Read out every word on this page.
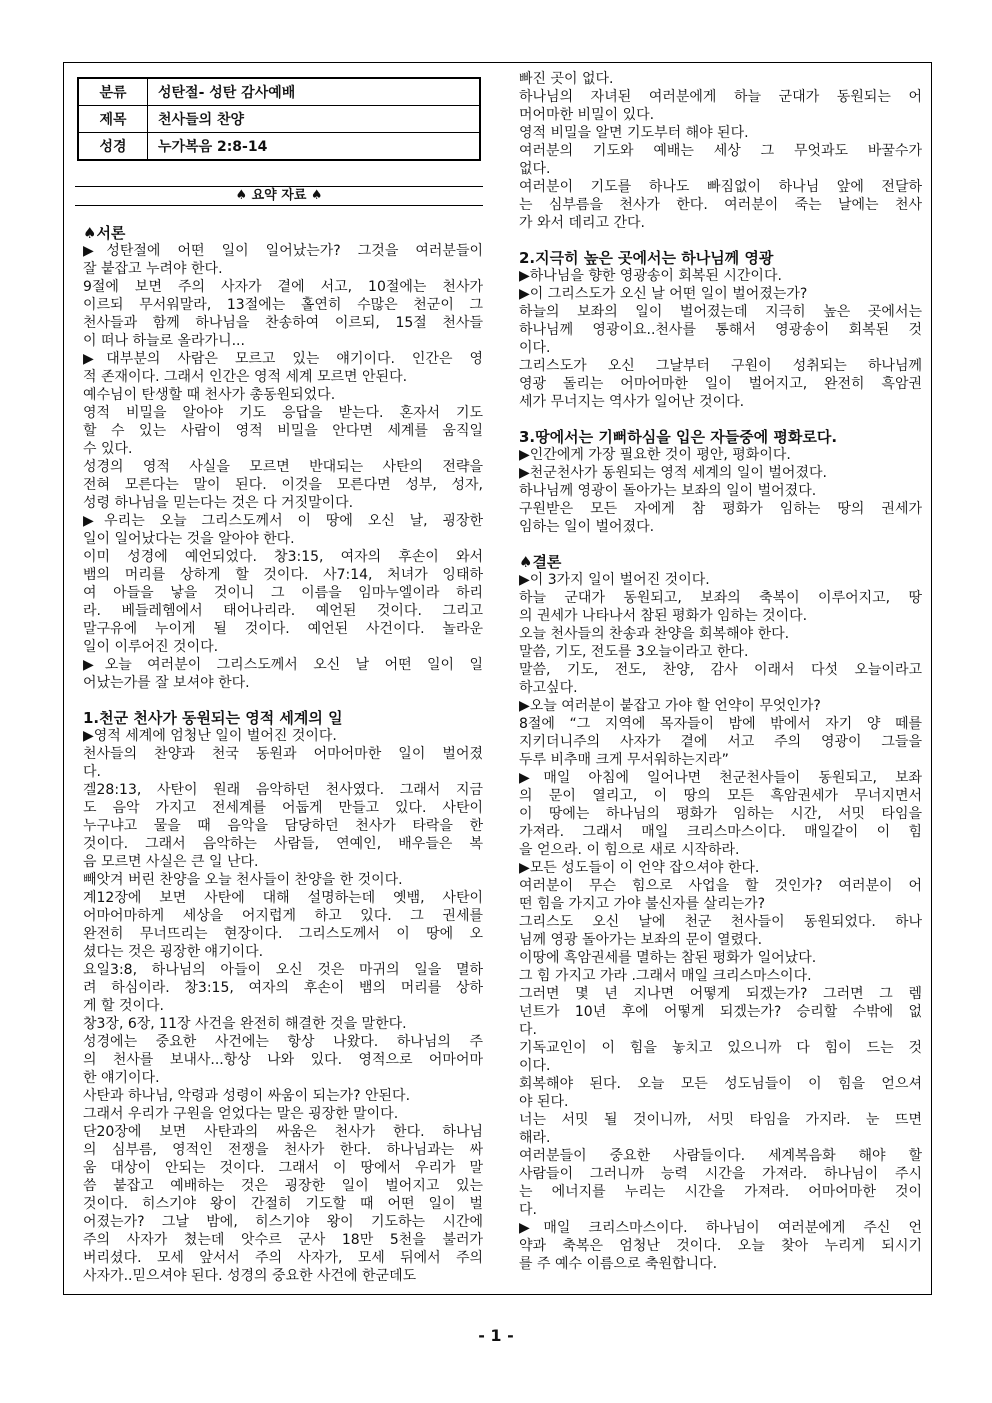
분류	성탄절- 성탄 감사예배
제목	천사들의 찬양
성경	누가복음 2:8-14
♠ 요약 자료 ♠
♠서론
▶성탄절에 어떤 일이 일어났는가? 그것을 여러분들이
잘 붙잡고 누려야 한다.
9절에 보면 주의 사자가 곁에 서고, 10절에는 천사가
이르되 무서워말라, 13절에는 홀연히 수많은 천군이 그
천사들과 함께 하나님을 찬송하여 이르되, 15절 천사들
이 떠나 하늘로 올라가니...
▶대부분의 사람은 모르고 있는 얘기이다. 인간은 영
적 존재이다. 그래서 인간은 영적 세계 모르면 안된다.
예수님이 탄생할 때 천사가 총동원되었다.
영적 비밀을 알아야 기도 응답을 받는다. 혼자서 기도
할 수 있는 사람이 영적 비밀을 안다면 세계를 움직일
수 있다.
성경의 영적 사실을 모르면 반대되는 사탄의 전략을
전혀 모른다는 말이 된다. 이것을 모른다면 성부, 성자,
성령 하나님을 믿는다는 것은 다 거짓말이다.
▶우리는 오늘 그리스도께서 이 땅에 오신 날, 굉장한
일이 일어났다는 것을 알아야 한다.
이미 성경에 예언되었다. 창3:15, 여자의 후손이 와서
뱀의 머리를 상하게 할 것이다. 사7:14, 처녀가 잉태하
여 아들을 낳을 것이니 그 이름을 임마누엘이라 하리
라. 베들레헴에서 태어나리라. 예언된 것이다. 그리고
말구유에 누이게 될 것이다. 예언된 사건이다. 놀라운
일이 이루어진 것이다.
▶오늘 여러분이 그리스도께서 오신 날 어떤 일이 일
어났는가를 잘 보셔야 한다.
1.천군 천사가 동원되는 영적 세계의 일
▶영적 세계에 엄청난 일이 벌어진 것이다.
천사들의 찬양과 천국 동원과 어마어마한 일이 벌어졌
다.
겔28:13, 사탄이 원래 음악하던 천사였다. 그래서 지금
도 음악 가지고 전세계를 어둡게 만들고 있다. 사탄이
누구냐고 물을 때 음악을 담당하던 천사가 타락을 한
것이다. 그래서 음악하는 사람들, 연예인, 배우들은 복
음 모르면 사실은 큰 일 난다.
빼앗겨 버린 찬양을 오늘 천사들이 찬양을 한 것이다.
계12장에 보면 사탄에 대해 설명하는데 옛뱀, 사탄이
어마어마하게 세상을 어지럽게 하고 있다. 그 권세를
완전히 무너뜨리는 현장이다. 그리스도께서 이 땅에 오
셨다는 것은 굉장한 얘기이다.
요일3:8, 하나님의 아들이 오신 것은 마귀의 일을 멸하
려 하심이라. 창3:15, 여자의 후손이 뱀의 머리를 상하
게 할 것이다.
창3장, 6장, 11장 사건을 완전히 해결한 것을 말한다.
성경에는 중요한 사건에는 항상 나왔다. 하나님의 주
의 천사를 보내사...항상 나와 있다. 영적으로 어마어마
한 얘기이다.
사탄과 하나님, 악령과 성령이 싸움이 되는가? 안된다.
그래서 우리가 구원을 얻었다는 말은 굉장한 말이다.
단20장에 보면 사탄과의 싸움은 천사가 한다. 하나님
의 심부름, 영적인 전쟁을 천사가 한다. 하나님과는 싸
움 대상이 안되는 것이다. 그래서 이 땅에서 우리가 말
씀 붙잡고 예배하는 것은 굉장한 일이 벌어지고 있는
것이다. 히스기야 왕이 간절히 기도할 때 어떤 일이 벌
어졌는가? 그날 밤에, 히스기야 왕이 기도하는 시간에
주의 사자가 쳤는데 앗수르 군사 18만 5천을 불러가
버리셨다. 모세 앞서서 주의 사자가, 모세 뒤에서 주의
사자가..믿으셔야 된다. 성경의 중요한 사건에 한군데도
빠진 곳이 없다.
하나님의 자녀된 여러분에게 하늘 군대가 동원되는 어
머어마한 비밀이 있다.
영적 비밀을 알면 기도부터 해야 된다.
여러분의 기도와 예배는 세상 그 무엇과도 바꿀수가
없다.
여러분이 기도를 하나도 빠짐없이 하나님 앞에 전달하
는 심부름을 천사가 한다. 여러분이 죽는 날에는 천사
가 와서 데리고 간다.
2.지극히 높은 곳에서는 하나님께 영광
▶하나님을 향한 영광송이 회복된 시간이다.
▶이 그리스도가 오신 날 어떤 일이 벌어졌는가?
하늘의 보좌의 일이 벌어졌는데 지극히 높은 곳에서는
하나님께 영광이요..천사를 통해서 영광송이 회복된 것
이다.
그리스도가 오신 그날부터 구원이 성취되는 하나님께
영광 돌리는 어마어마한 일이 벌어지고, 완전히 흑암권
세가 무너지는 역사가 일어난 것이다.
3.땅에서는 기뻐하심을 입은 자들중에 평화로다.
▶인간에게 가장 필요한 것이 평안, 평화이다.
▶천군천사가 동원되는 영적 세계의 일이 벌어졌다.
하나님께 영광이 돌아가는 보좌의 일이 벌어졌다.
구원받은 모든 자에게 참 평화가 임하는 땅의 권세가
임하는 일이 벌어졌다.
♠결론
▶이 3가지 일이 벌어진 것이다.
하늘 군대가 동원되고, 보좌의 축복이 이루어지고, 땅
의 권세가 나타나서 참된 평화가 임하는 것이다.
오늘 천사들의 찬송과 찬양을 회복해야 한다.
말씀, 기도, 전도를 3오늘이라고 한다.
말씀, 기도, 전도, 찬양, 감사 이래서 다섯 오늘이라고
하고싶다.
▶오늘 여러분이 붙잡고 가야 할 언약이 무엇인가?
8절에 “그 지역에 목자들이 밤에 밖에서 자기 양 떼를
지키더니주의 사자가 곁에 서고 주의 영광이 그들을
두루 비추매 크게 무서워하는지라”
▶매일 아침에 일어나면 천군천사들이 동원되고, 보좌
의 문이 열리고, 이 땅의 모든 흑암권세가 무너지면서
이 땅에는 하나님의 평화가 임하는 시간, 서밋 타임을
가져라. 그래서 매일 크리스마스이다. 매일같이 이 힘
을 얻으라. 이 힘으로 새로 시작하라.
▶모든 성도들이 이 언약 잡으셔야 한다.
여러분이 무슨 힘으로 사업을 할 것인가? 여러분이 어
떤 힘을 가지고 가야 불신자를 살리는가?
그리스도 오신 날에 천군 천사들이 동원되었다. 하나
님께 영광 돌아가는 보좌의 문이 열렸다.
이땅에 흑암권세를 멸하는 참된 평화가 일어났다.
그 힘 가지고 가라 .그래서 매일 크리스마스이다.
그러면 몇 년 지나면 어떻게 되겠는가? 그러면 그 렘
넌트가 10년 후에 어떻게 되겠는가? 승리할 수밖에 없
다.
기독교인이 이 힘을 놓치고 있으니까 다 힘이 드는 것
이다.
회복해야 된다. 오늘 모든 성도님들이 이 힘을 얻으셔
야 된다.
너는 서밋 될 것이니까, 서밋 타임을 가지라. 눈 뜨면
해라.
여러분들이 중요한 사람들이다. 세계복음화 해야 할
사람들이 그러니까 능력 시간을 가져라. 하나님이 주시
는 에너지를 누리는 시간을 가져라. 어마어마한 것이
다.
▶매일 크리스마스이다. 하나님이 여러분에게 주신 언
약과 축복은 엄청난 것이다. 오늘 찾아 누리게 되시기
를 주 예수 이름으로 축원합니다.
- 1 -
